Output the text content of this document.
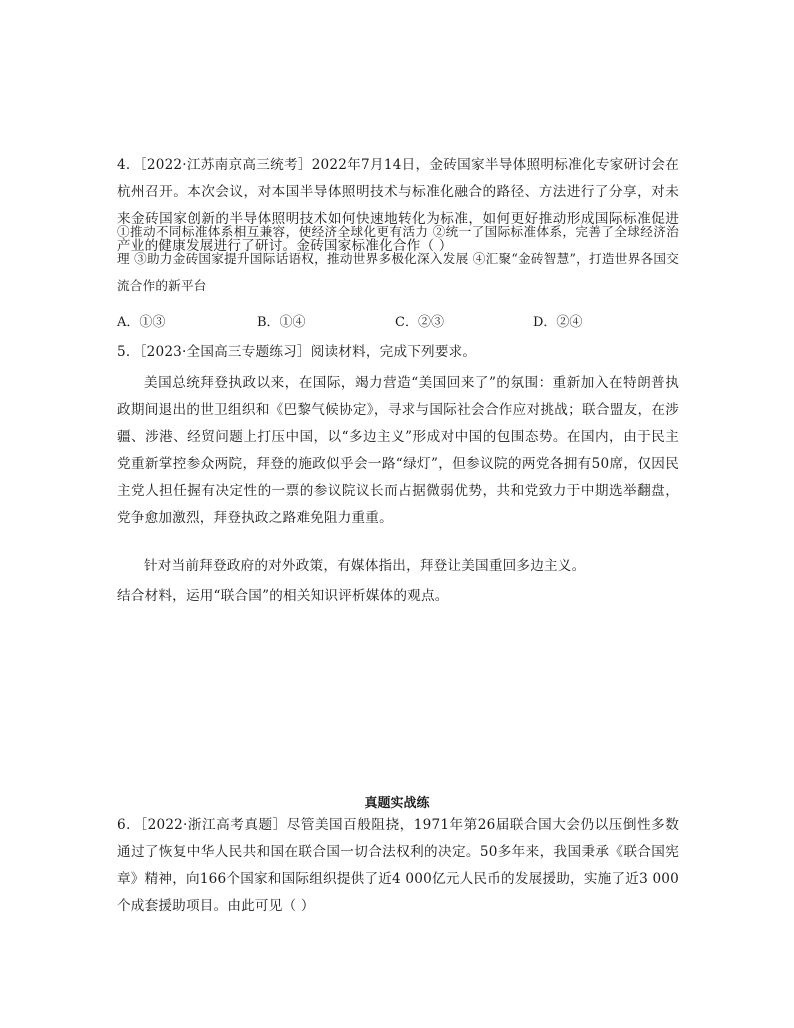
4．［2022·江苏南京高三统考］2022年7月14日，金砖国家半导体照明标准化专家研讨会在杭州召开。本次会议，对本国半导体照明技术与标准化融合的路径、方法进行了分享，对未来金砖国家创新的半导体照明技术如何快速地转化为标准，如何更好推动形成国际标准促进产业的健康发展进行了研讨。金砖国家标准化合作（ ）

①推动不同标准体系相互兼容，使经济全球化更有活力 ②统一了国际标准体系，完善了全球经济治理 ③助力金砖国家提升国际话语权，推动世界多极化深入发展 ④汇聚“金砖智慧”，打造世界各国交流合作的新平台

A．①③	B．①④	C．②③	D．②④

5．［2023·全国高三专题练习］阅读材料，完成下列要求。

美国总统拜登执政以来，在国际，竭力营造“美国回来了”的氛围：重新加入在特朗普执政期间退出的世卫组织和《巴黎气候协定》，寻求与国际社会合作应对挑战；联合盟友，在涉疆、涉港、经贸问题上打压中国，以“多边主义”形成对中国的包围态势。在国内，由于民主党重新掌控参众两院，拜登的施政似乎会一路“绿灯”，但参议院的两党各拥有50席，仅因民主党人担任握有决定性的一票的参议院议长而占据微弱优势，共和党致力于中期选举翻盘，党争愈加激烈，拜登执政之路难免阻力重重。

针对当前拜登政府的对外政策，有媒体指出，拜登让美国重回多边主义。

结合材料，运用“联合国”的相关知识评析媒体的观点。

真题实战练

6．［2022·浙江高考真题］尽管美国百般阻挠，1971年第26届联合国大会仍以压倒性多数通过了恢复中华人民共和国在联合国一切合法权利的决定。50多年来，我国秉承《联合国宪章》精神，向166个国家和国际组织提供了近4 000亿元人民币的发展援助，实施了近3 000个成套援助项目。由此可见（ ）
